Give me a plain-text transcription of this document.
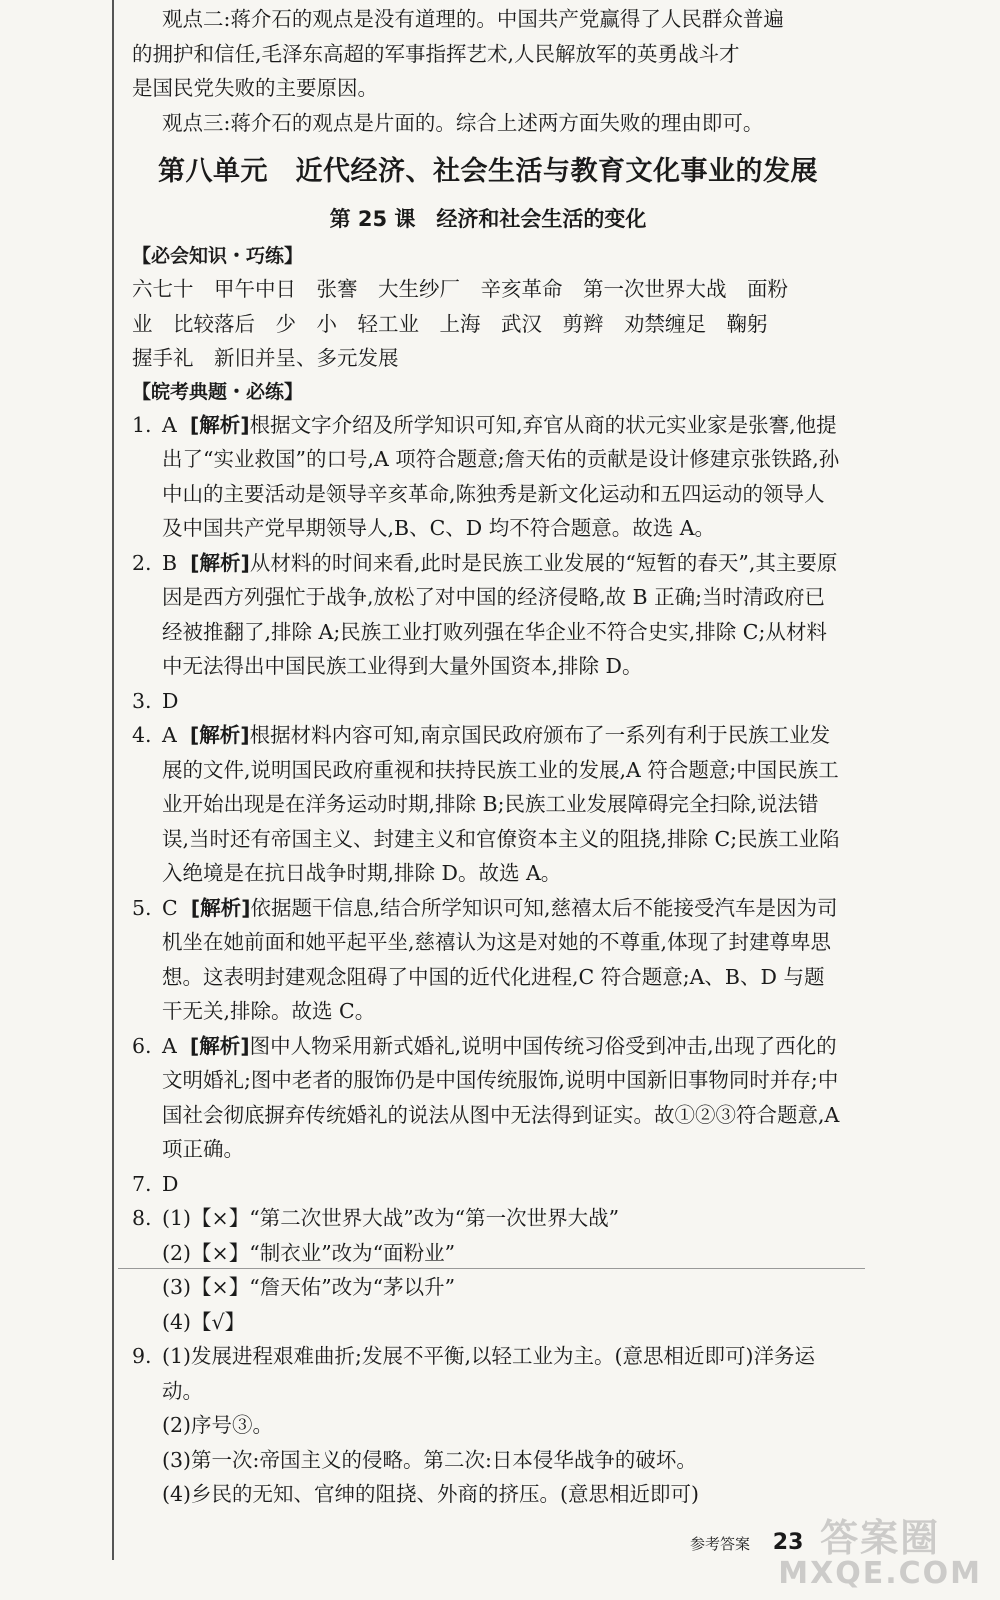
观点二:蒋介石的观点是没有道理的。中国共产党赢得了人民群众普遍

的拥护和信任,毛泽东高超的军事指挥艺术,人民解放军的英勇战斗才

是国民党失败的主要原因。

观点三:蒋介石的观点是片面的。综合上述两方面失败的理由即可。

第八单元　近代经济、社会生活与教育文化事业的发展
第 25 课　经济和社会生活的变化
【必会知识・巧练】

六七十　甲午中日　张謇　大生纱厂　辛亥革命　第一次世界大战　面粉

业　比较落后　少　小　轻工业　上海　武汉　剪辫　劝禁缠足　鞠躬

握手礼　新旧并呈、多元发展

【皖考典题・必练】
1. A [解析]根据文字介绍及所学知识可知,弃官从商的状元实业家是张謇,他提出了“实业救国”的口号,A 项符合题意;詹天佑的贡献是设计修建京张铁路,孙中山的主要活动是领导辛亥革命,陈独秀是新文化运动和五四运动的领导人及中国共产党早期领导人,B、C、D 均不符合题意。故选 A。
2. B [解析]从材料的时间来看,此时是民族工业发展的“短暂的春天”,其主要原因是西方列强忙于战争,放松了对中国的经济侵略,故 B 正确;当时清政府已经被推翻了,排除 A;民族工业打败列强在华企业不符合史实,排除 C;从材料中无法得出中国民族工业得到大量外国资本,排除 D。
3. D
4. A [解析]根据材料内容可知,南京国民政府颁布了一系列有利于民族工业发展的文件,说明国民政府重视和扶持民族工业的发展,A 符合题意;中国民族工业开始出现是在洋务运动时期,排除 B;民族工业发展障碍完全扫除,说法错误,当时还有帝国主义、封建主义和官僚资本主义的阻挠,排除 C;民族工业陷入绝境是在抗日战争时期,排除 D。故选 A。
5. C [解析]依据题干信息,结合所学知识可知,慈禧太后不能接受汽车是因为司机坐在她前面和她平起平坐,慈禧认为这是对她的不尊重,体现了封建尊卑思想。这表明封建观念阻碍了中国的近代化进程,C 符合题意;A、B、D 与题干无关,排除。故选 C。
6. A [解析]图中人物采用新式婚礼,说明中国传统习俗受到冲击,出现了西化的文明婚礼;图中老者的服饰仍是中国传统服饰,说明中国新旧事物同时并存;中国社会彻底摒弃传统婚礼的说法从图中无法得到证实。故①②③符合题意,A 项正确。
7. D
8. (1)【×】“第二次世界大战”改为“第一次世界大战”
(2)【×】“制衣业”改为“面粉业”
(3)【×】“詹天佑”改为“茅以升”
(4)【√】
9. (1)发展进程艰难曲折;发展不平衡,以轻工业为主。(意思相近即可)洋务运动。
(2)序号③。
(3)第一次:帝国主义的侵略。第二次:日本侵华战争的破坏。
(4)乡民的无知、官绅的阻挠、外商的挤压。(意思相近即可)
参考答案 23 答案圈
MXQE.COM
